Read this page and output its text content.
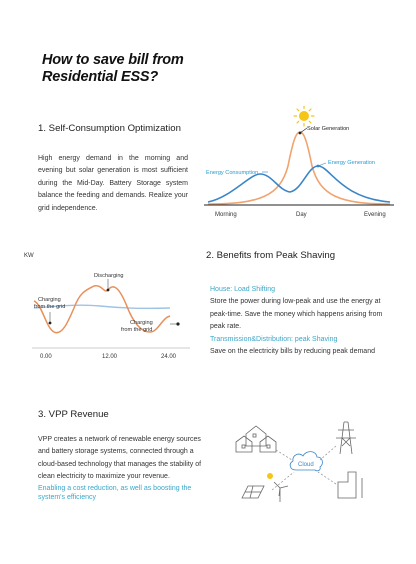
How to save bill from
Residential ESS?
1. Self-Consumption Optimization
High energy demand in the morning and evening but solar generation is most sufficient during the Mid-Day. Battery Storage system balance the feeding and demands. Realize your grid independence.
Solar Generation
Energy Generation
Energy Consumption
Morning	Day	Evening
KW
Discharging
Charging
from the grid
Charging
from the grid
0.00	12.00	24.00
2. Benefits from Peak Shaving

House: Load Shifting

Store the power during low-peak and use the energy at peak-time. Save the money which happens arising from peak rate.

Transmission&Distribution: peak Shaving

Save on the electricity bills by reducing peak demand

3. VPP Revenue

VPP creates a network of renewable energy sources and battery storage systems, connected through a cloud-based technology that manages the stability of clean electricity to maximize your revenue.

Enabling a cost reduction, as well as boosting the system's efficiency

Cloud
